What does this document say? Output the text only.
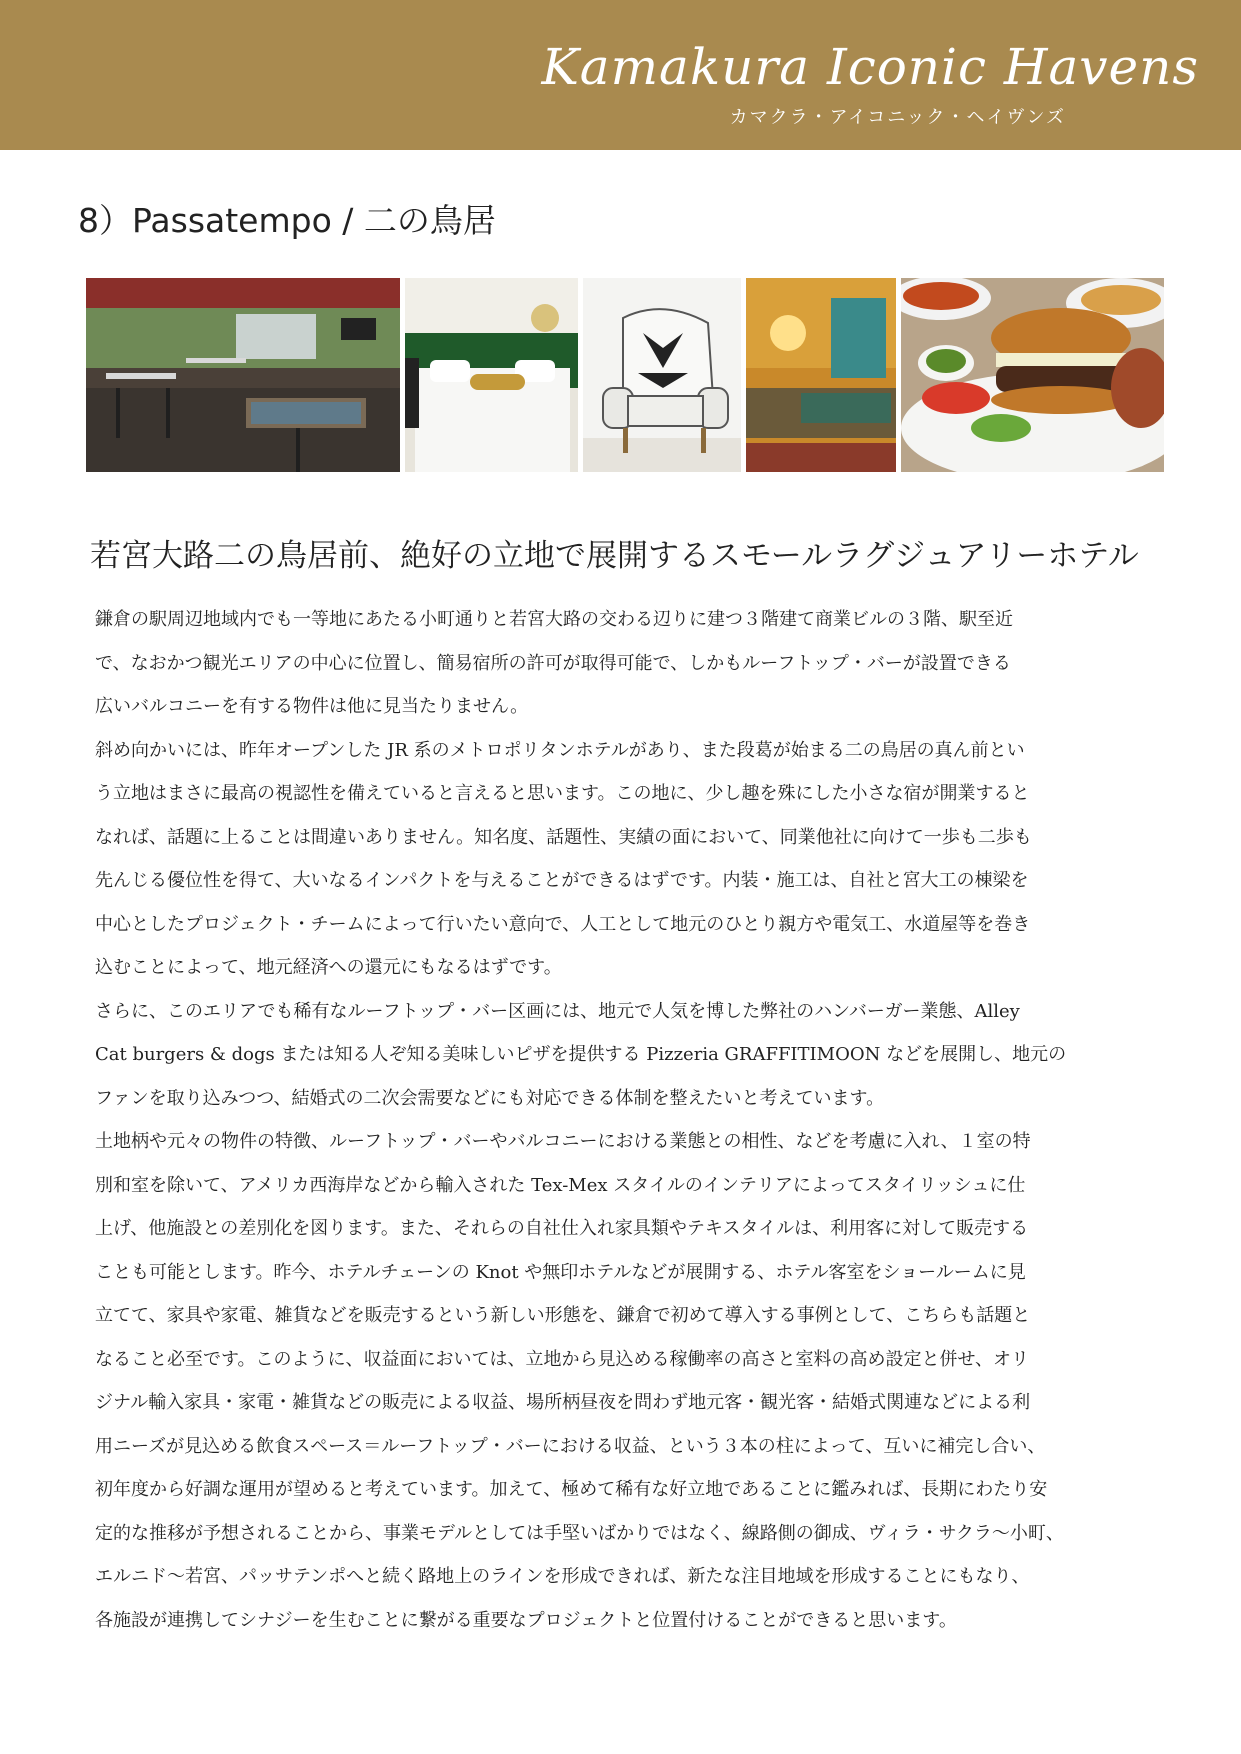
Kamakura Iconic Havens
カマクラ・アイコニック・ヘイヴンズ
8）Passatempo / 二の鳥居
若宮大路二の鳥居前、絶好の立地で展開するスモールラグジュアリーホテル

鎌倉の駅周辺地域内でも一等地にあたる小町通りと若宮大路の交わる辺りに建つ３階建て商業ビルの３階、駅至近

で、なおかつ観光エリアの中心に位置し、簡易宿所の許可が取得可能で、しかもルーフトップ・バーが設置できる

広いバルコニーを有する物件は他に見当たりません。

斜め向かいには、昨年オープンした JR 系のメトロポリタンホテルがあり、また段葛が始まる二の鳥居の真ん前とい

う立地はまさに最高の視認性を備えていると言えると思います。この地に、少し趣を殊にした小さな宿が開業すると

なれば、話題に上ることは間違いありません。知名度、話題性、実績の面において、同業他社に向けて一歩も二歩も

先んじる優位性を得て、大いなるインパクトを与えることができるはずです。内装・施工は、自社と宮大工の棟梁を

中心としたプロジェクト・チームによって行いたい意向で、人工として地元のひとり親方や電気工、水道屋等を巻き

込むことによって、地元経済への還元にもなるはずです。

さらに、このエリアでも稀有なルーフトップ・バー区画には、地元で人気を博した弊社のハンバーガー業態、Alley

Cat burgers & dogs または知る人ぞ知る美味しいピザを提供する Pizzeria GRAFFITIMOON などを展開し、地元の

ファンを取り込みつつ、結婚式の二次会需要などにも対応できる体制を整えたいと考えています。

土地柄や元々の物件の特徴、ルーフトップ・バーやバルコニーにおける業態との相性、などを考慮に入れ、１室の特

別和室を除いて、アメリカ西海岸などから輸入された Tex-Mex スタイルのインテリアによってスタイリッシュに仕

上げ、他施設との差別化を図ります。また、それらの自社仕入れ家具類やテキスタイルは、利用客に対して販売する

ことも可能とします。昨今、ホテルチェーンの Knot や無印ホテルなどが展開する、ホテル客室をショールームに見

立てて、家具や家電、雑貨などを販売するという新しい形態を、鎌倉で初めて導入する事例として、こちらも話題と

なること必至です。このように、収益面においては、立地から見込める稼働率の高さと室料の高め設定と併せ、オリ

ジナル輸入家具・家電・雑貨などの販売による収益、場所柄昼夜を問わず地元客・観光客・結婚式関連などによる利

用ニーズが見込める飲食スペース＝ルーフトップ・バーにおける収益、という３本の柱によって、互いに補完し合い、

初年度から好調な運用が望めると考えています。加えて、極めて稀有な好立地であることに鑑みれば、長期にわたり安

定的な推移が予想されることから、事業モデルとしては手堅いばかりではなく、線路側の御成、ヴィラ・サクラ～小町、

エルニド～若宮、パッサテンポへと続く路地上のラインを形成できれば、新たな注目地域を形成することにもなり、

各施設が連携してシナジーを生むことに繋がる重要なプロジェクトと位置付けることができると思います。
